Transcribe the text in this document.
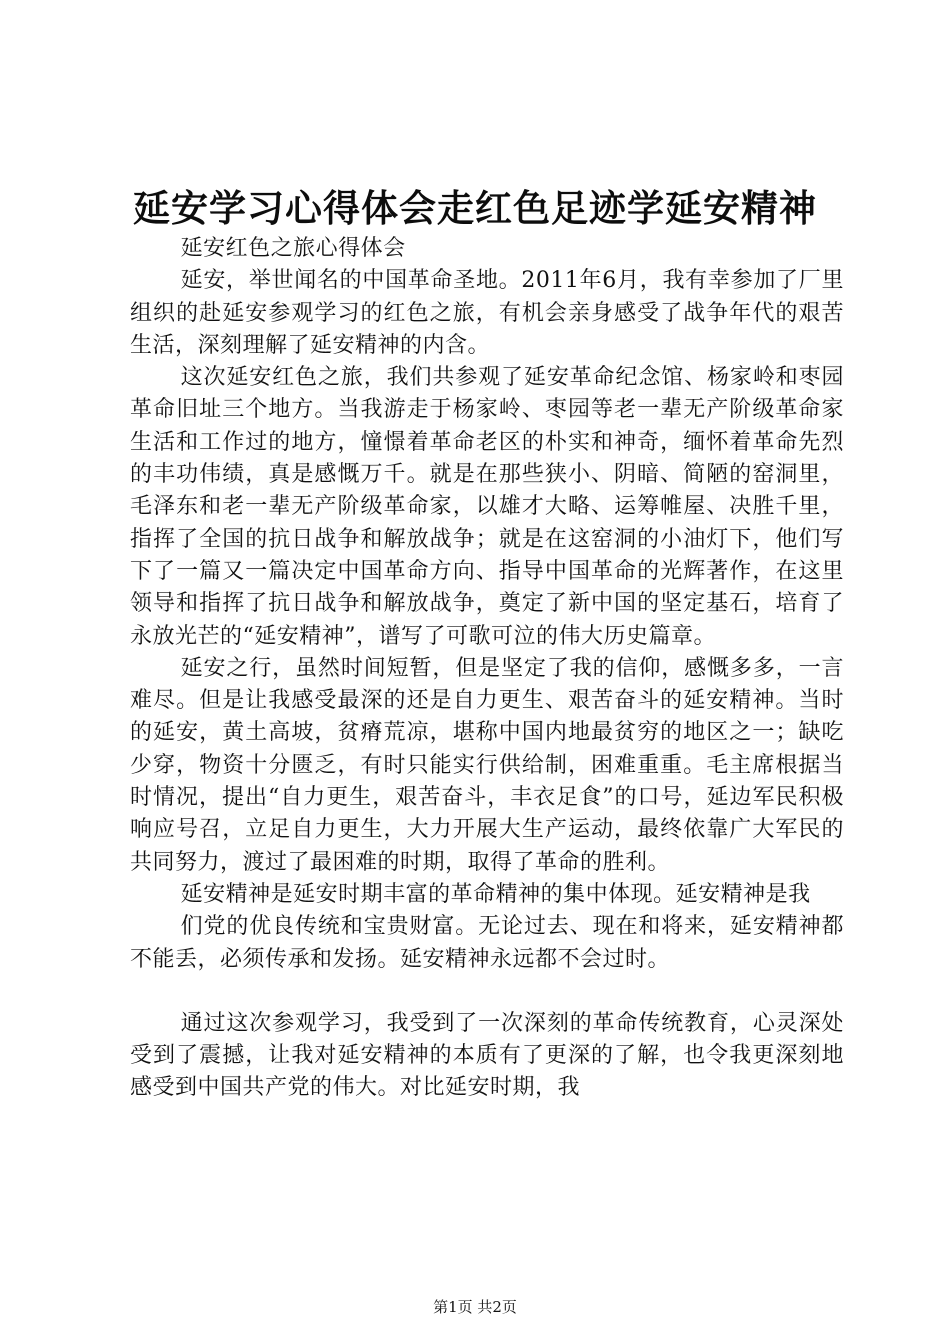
延安学习心得体会走红色足迹学延安精神

延安红色之旅心得体会

延安，举世闻名的中国革命圣地。2011年6月，我有幸参加了厂里组织的赴延安参观学习的红色之旅，有机会亲身感受了战争年代的艰苦生活，深刻理解了延安精神的内含。

这次延安红色之旅，我们共参观了延安革命纪念馆、杨家岭和枣园革命旧址三个地方。当我游走于杨家岭、枣园等老一辈无产阶级革命家生活和工作过的地方，憧憬着革命老区的朴实和神奇，缅怀着革命先烈的丰功伟绩，真是感慨万千。就是在那些狭小、阴暗、简陋的窑洞里，毛泽东和老一辈无产阶级革命家，以雄才大略、运筹帷屋、决胜千里，指挥了全国的抗日战争和解放战争；就是在这窑洞的小油灯下，他们写下了一篇又一篇决定中国革命方向、指导中国革命的光辉著作，在这里领导和指挥了抗日战争和解放战争，奠定了新中国的坚定基石，培育了永放光芒的“延安精神”，谱写了可歌可泣的伟大历史篇章。

延安之行，虽然时间短暂，但是坚定了我的信仰，感慨多多，一言难尽。但是让我感受最深的还是自力更生、艰苦奋斗的延安精神。当时的延安，黄土高坡，贫瘠荒凉，堪称中国内地最贫穷的地区之一；缺吃少穿，物资十分匮乏，有时只能实行供给制，困难重重。毛主席根据当时情况，提出“自力更生，艰苦奋斗，丰衣足食”的口号，延边军民积极响应号召，立足自力更生，大力开展大生产运动，最终依靠广大军民的共同努力，渡过了最困难的时期，取得了革命的胜利。

延安精神是延安时期丰富的革命精神的集中体现。延安精神是我

们党的优良传统和宝贵财富。无论过去、现在和将来，延安精神都不能丢，必须传承和发扬。延安精神永远都不会过时。

通过这次参观学习，我受到了一次深刻的革命传统教育，心灵深处受到了震撼，让我对延安精神的本质有了更深的了解，也令我更深刻地感受到中国共产党的伟大。对比延安时期，我

第1页 共2页
